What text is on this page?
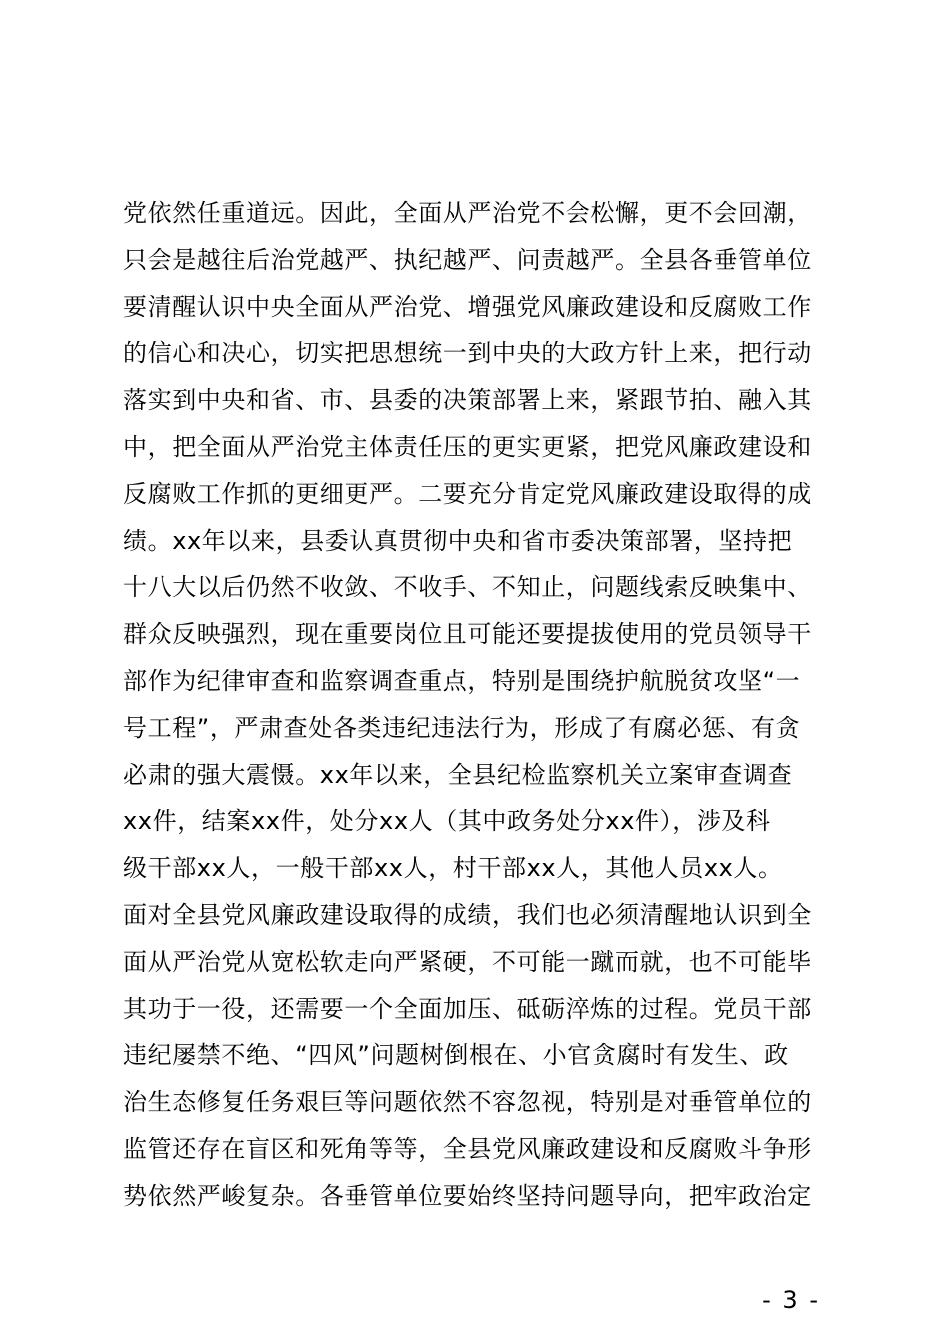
党依然任重道远。因此，全面从严治党不会松懈，更不会回潮，
只会是越往后治党越严、执纪越严、问责越严。全县各垂管单位
要清醒认识中央全面从严治党、增强党风廉政建设和反腐败工作
的信心和决心，切实把思想统一到中央的大政方针上来，把行动
落实到中央和省、市、县委的决策部署上来，紧跟节拍、融入其
中，把全面从严治党主体责任压的更实更紧，把党风廉政建设和
反腐败工作抓的更细更严。二要充分肯定党风廉政建设取得的成
绩。xx年以来，县委认真贯彻中央和省市委决策部署，坚持把
十八大以后仍然不收敛、不收手、不知止，问题线索反映集中、
群众反映强烈，现在重要岗位且可能还要提拔使用的党员领导干
部作为纪律审查和监察调查重点，特别是围绕护航脱贫攻坚“一
号工程”，严肃查处各类违纪违法行为，形成了有腐必惩、有贪
必肃的强大震慑。xx年以来，全县纪检监察机关立案审查调查
xx件，结案xx件，处分xx人（其中政务处分xx件），涉及科
级干部xx人，一般干部xx人，村干部xx人，其他人员xx人。
面对全县党风廉政建设取得的成绩，我们也必须清醒地认识到全
面从严治党从宽松软走向严紧硬，不可能一蹴而就，也不可能毕
其功于一役，还需要一个全面加压、砥砺淬炼的过程。党员干部
违纪屡禁不绝、“四风”问题树倒根在、小官贪腐时有发生、政
治生态修复任务艰巨等问题依然不容忽视，特别是对垂管单位的
监管还存在盲区和死角等等，全县党风廉政建设和反腐败斗争形
势依然严峻复杂。各垂管单位要始终坚持问题导向，把牢政治定
- 3 -
